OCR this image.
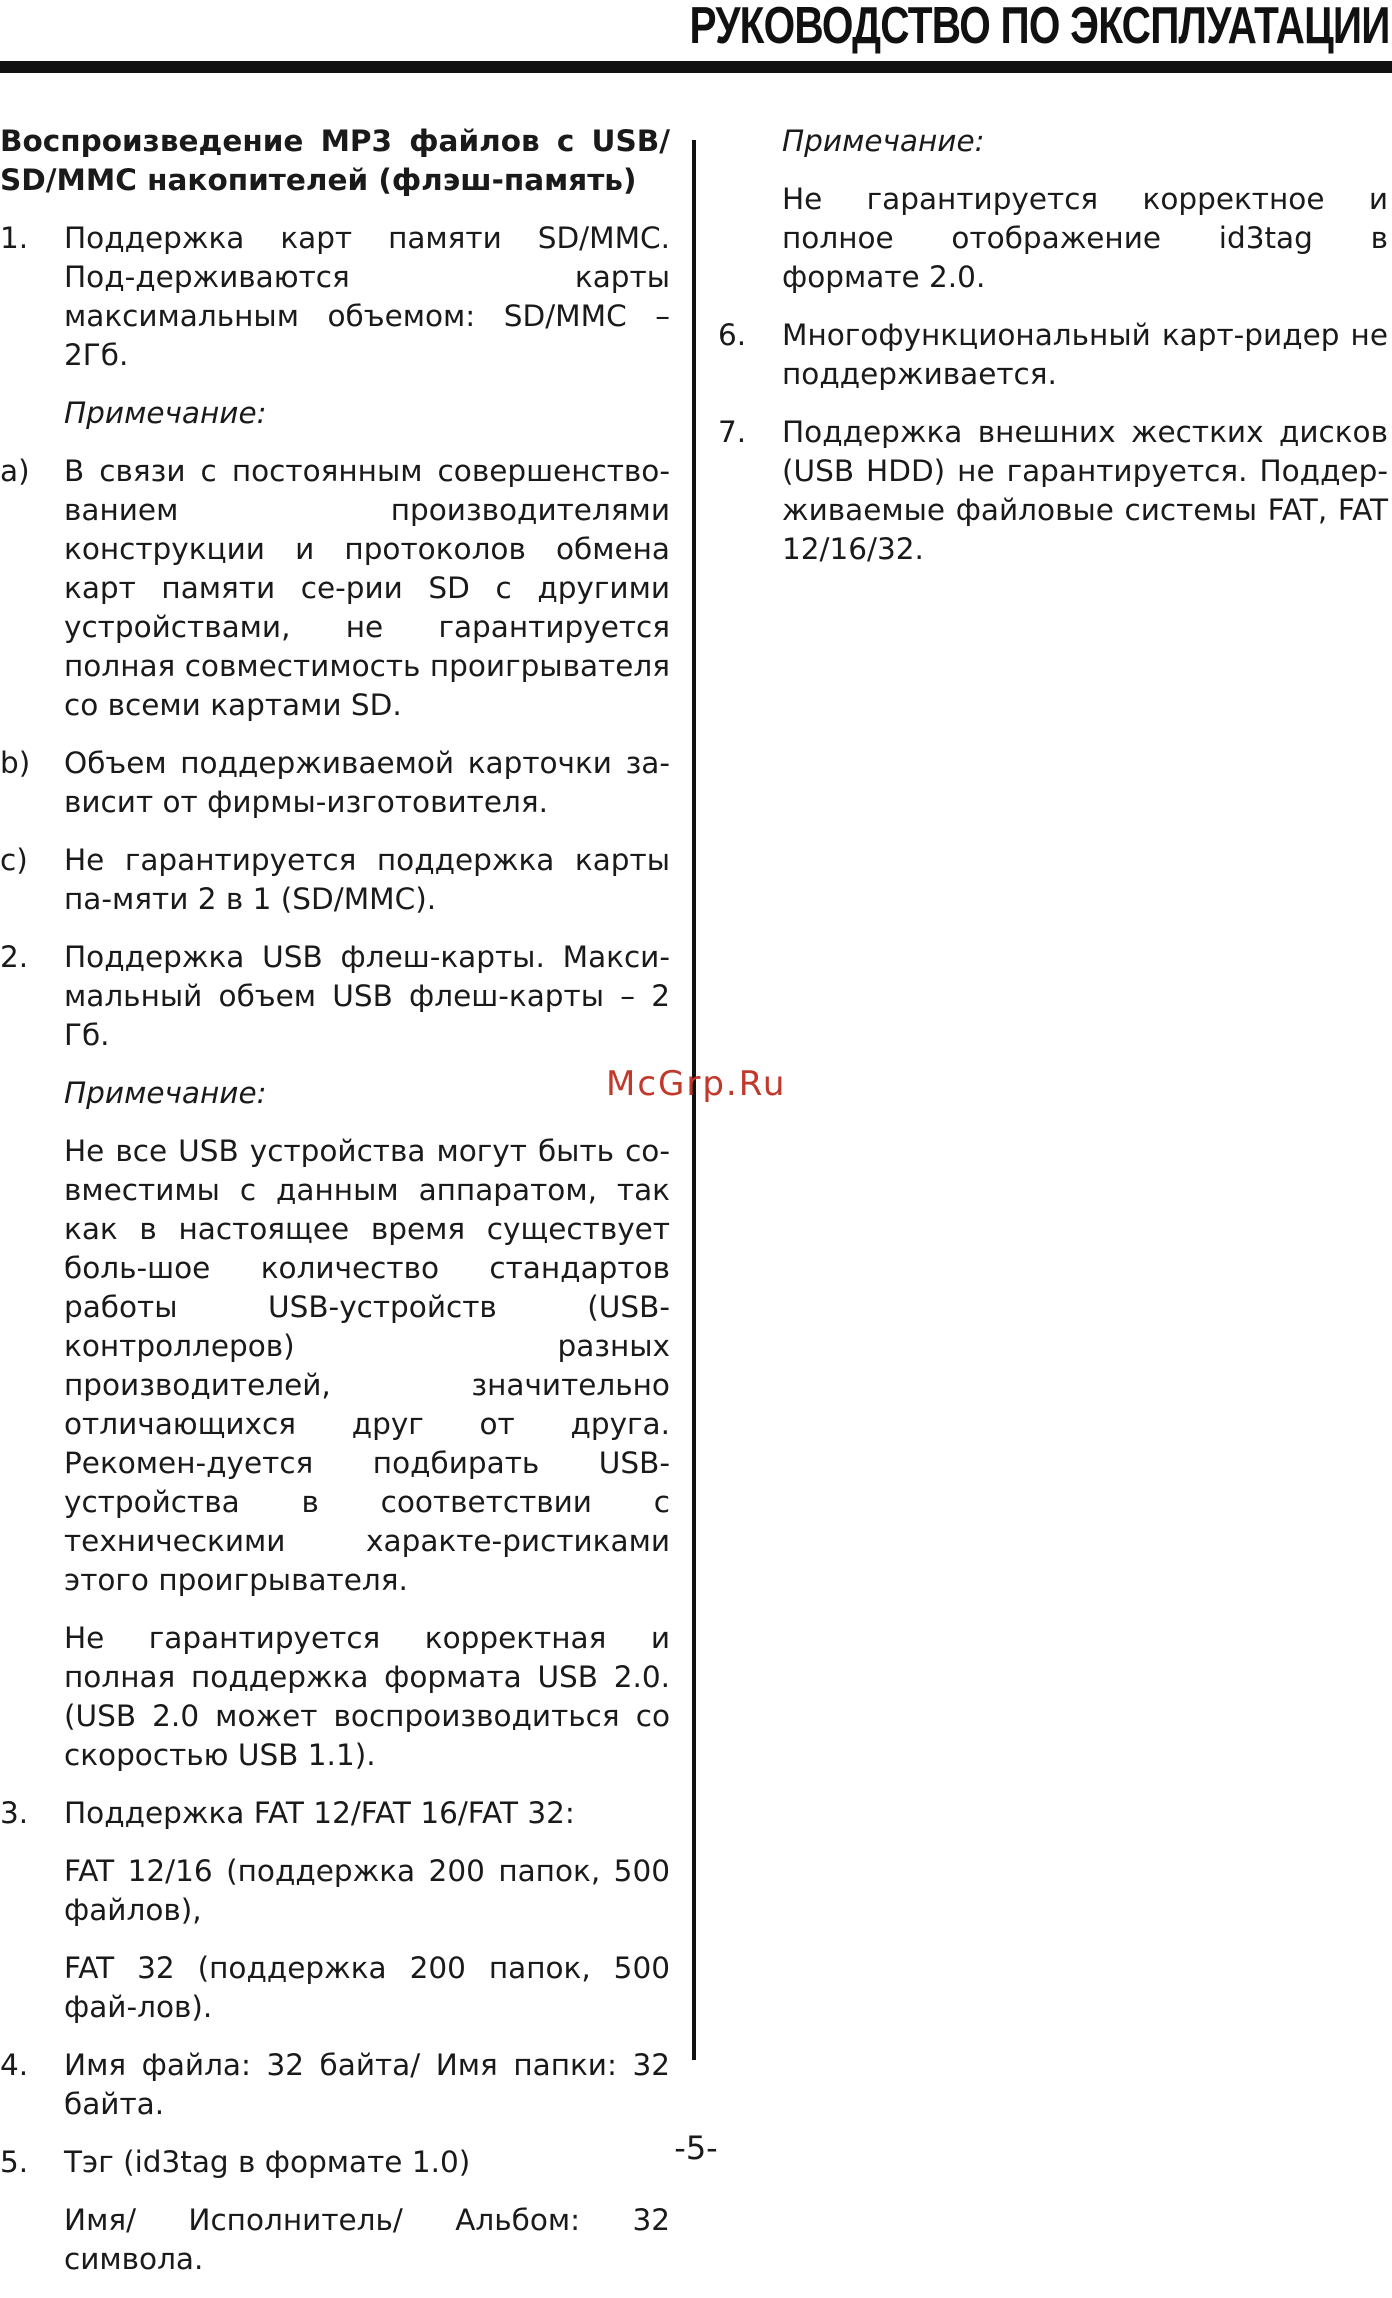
РУКОВОДСТВО ПО ЭКСПЛУАТАЦИИ
Воспроизведение MP3 файлов с USB/ SD/MMC накопителей (флэш-память)
1.	Поддержка карт памяти SD/MMC. Под-держиваются карты максимальным объемом: SD/MMC – 2Гб.
Примечание:
a)	В связи с постоянным совершенство-ванием производителями конструкции и протоколов обмена карт памяти се-рии SD с другими устройствами, не гарантируется полная совместимость проигрывателя со всеми картами SD.
b)	Объем поддерживаемой карточки за-висит от фирмы-изготовителя.
c)	Не гарантируется поддержка карты па-мяти 2 в 1 (SD/MMC).
2.	Поддержка USB флеш-карты. Макси-мальный объем USB флеш-карты – 2 Гб.
Примечание:
Не все USB устройства могут быть со-вместимы с данным аппаратом, так как в настоящее время существует боль-шое количество стандартов работы USB-устройств (USB-контроллеров) разных производителей, значительно отличающихся друг от друга. Рекомен-дуется подбирать USB-устройства в соответствии с техническими характе-ристиками этого проигрывателя.
Не гарантируется корректная и полная поддержка формата USB 2.0. (USB 2.0 может воспроизводиться со скоростью USB 1.1).
3.	Поддержка FAT 12/FAT 16/FAT 32:
FAT 12/16 (поддержка 200 папок, 500 файлов),
FAT 32 (поддержка 200 папок, 500 фай-лов).
4.	Имя файла: 32 байта/ Имя папки: 32 байта.
5.	Тэг (id3tag в формате 1.0)
Имя/ Исполнитель/ Альбом: 32 символа.
Примечание:
Не гарантируется корректное и полное отображение id3tag в формате 2.0.
6.	Многофункциональный карт-ридер не поддерживается.
7.	Поддержка внешних жестких дисков (USB HDD) не гарантируется. Поддер-живаемые файловые системы FAT, FAT 12/16/32.
McGrp.Ru
-5-
